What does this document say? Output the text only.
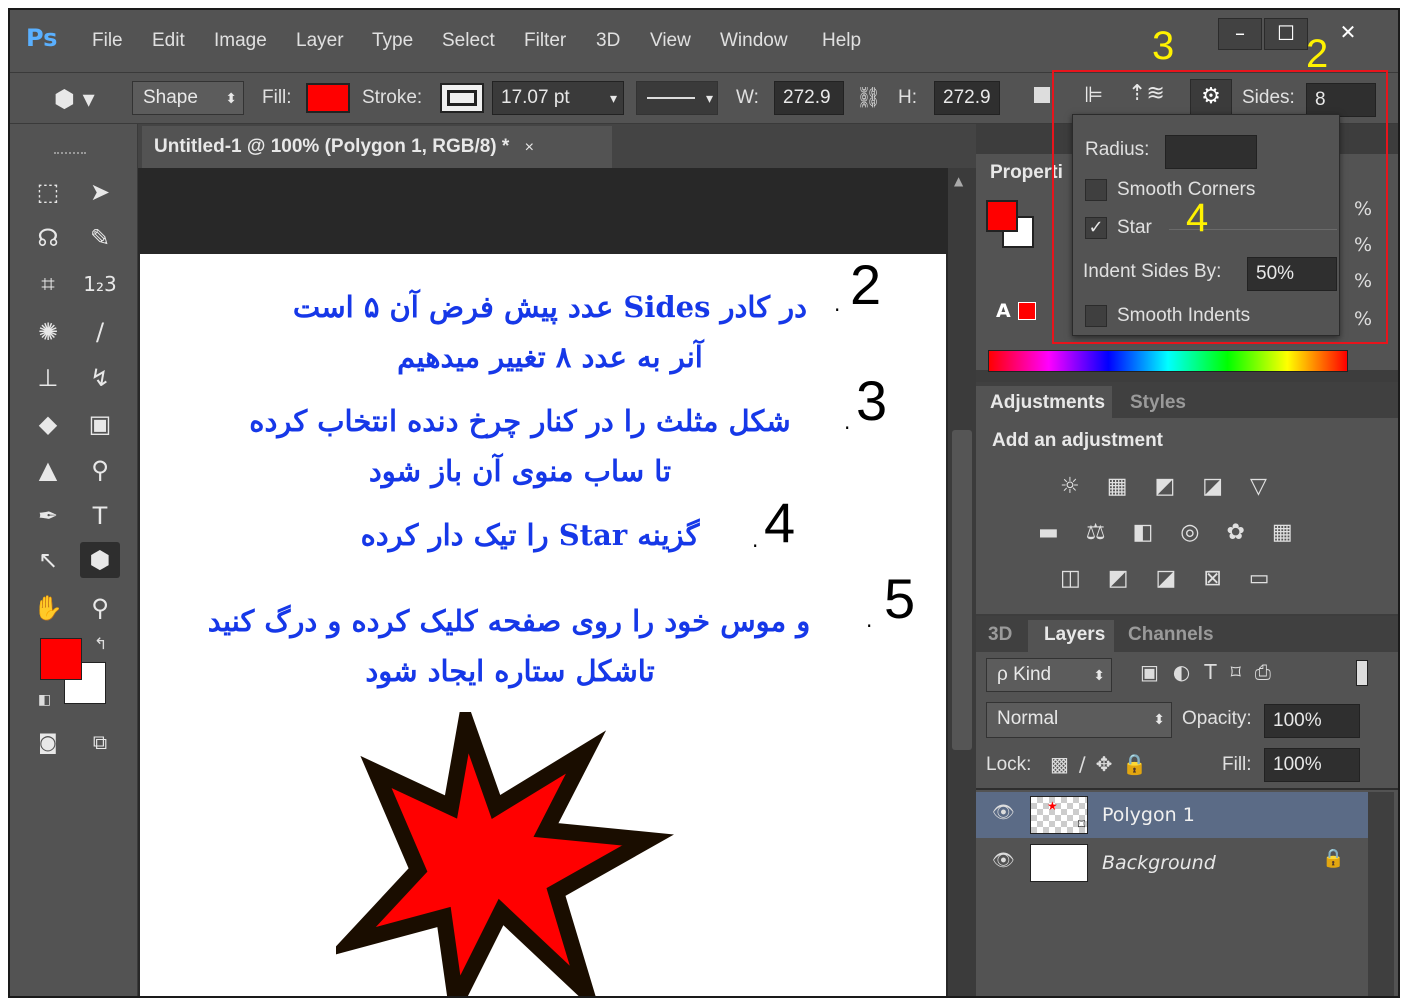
Ps File Edit Image Layer Type Select Filter 3D View Window Help	–	☐	✕
⬢ ▾	Shape ⬍ Fill:	Stroke:	17.07 pt	▾	▾ W:	272.9	⛓ H:	272.9	⊫ ⇡≋	⚙	Sides:	8
⬚	➤
☊	✎
⌗	1₂3
✺	∕
⊥	↯
◆	▣
▲	⚲
✒	T
↖	⬢
✋	⚲
↰
◧
◙	⧉
Untitled-1 @ 100% (Polygon 1, RGB/8) * ×
▲
در کادر Sides عدد پیش فرض آن ۵ است
آنر به عدد ۸ تغییر میدهیم
· 2
شکل مثلث را در کنار چرخ دنده انتخاب کرده
تا ساب منوی آن باز شود
· 3
گزینه Star را تیک دار کرده	· 4
و موس خود را روی صفحه کلیک کرده و درگ کنید
تاشکل ستاره ایجاد شود
· 5
Properti
A
%
%
%
%
Adjustments Styles
Add an adjustment
☼ ▦ ◩ ◪ ▽
▬ ⚖ ◧ ◎ ✿ ▦
◫ ◩ ◪ ⊠ ▭
3D Layers Channels
ρ Kind	⬍ ▣◐T⌑⎙
Normal	⬍ Opacity:	100%
Lock: ▩∕✥🔒	Fill:	100%
👁	★
⌑ Polygon 1
👁	Background	🔒
Radius:
Smooth Corners
✓ Star
Indent Sides By:	50%
Smooth Indents
3	2
4
